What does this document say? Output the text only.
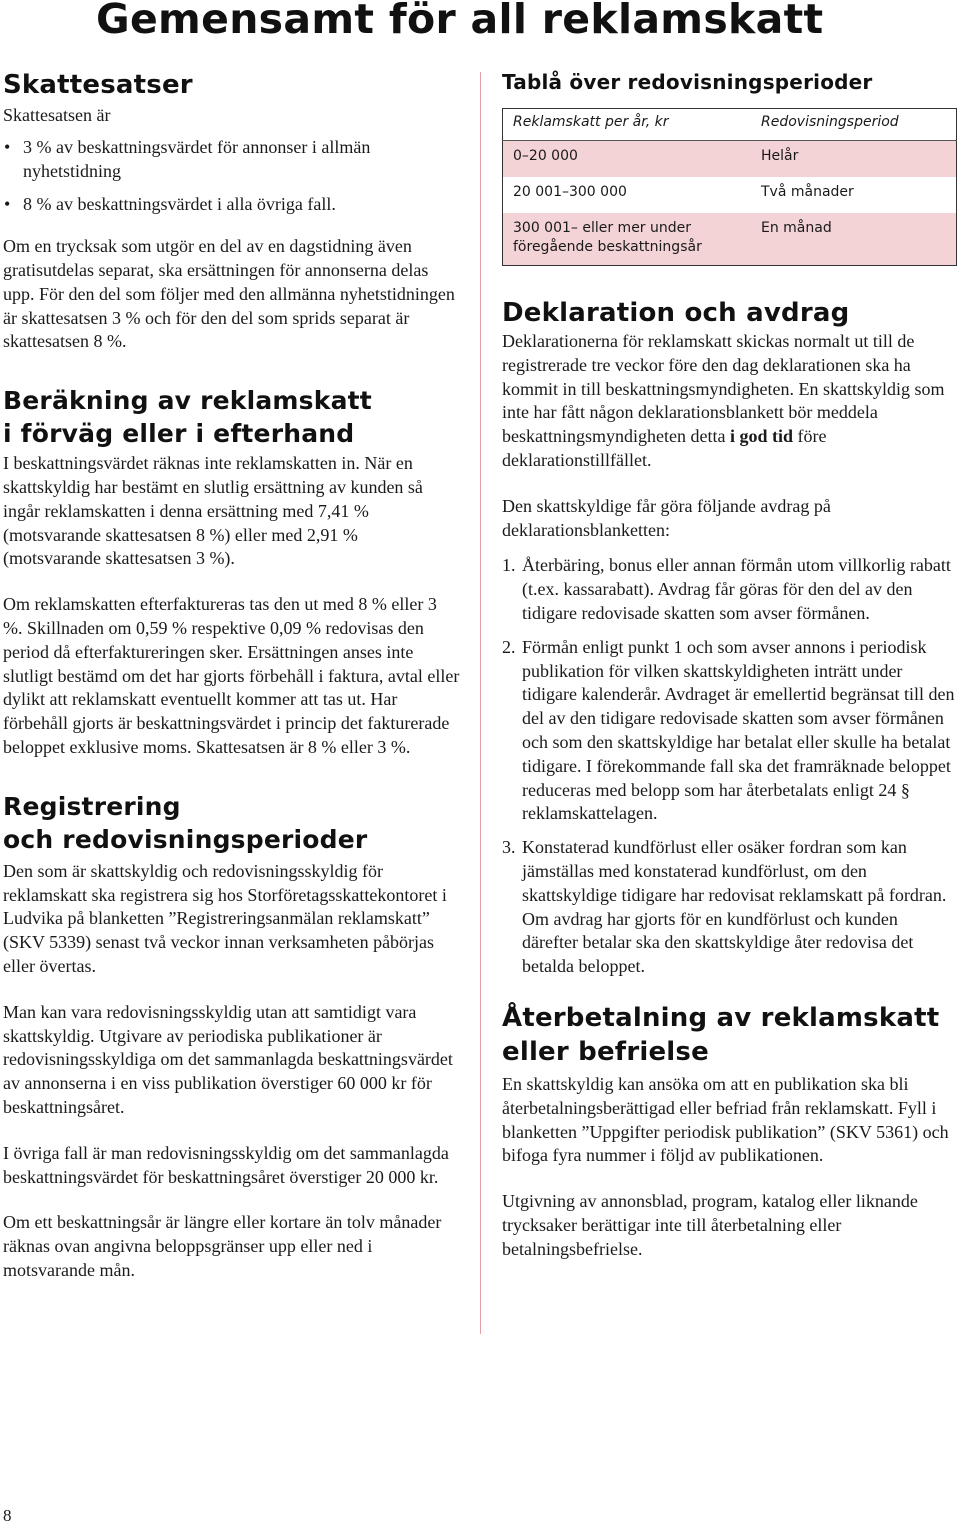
Gemensamt för all reklamskatt
Skattesatser

Skattesatsen är

• 3 % av beskattningsvärdet för annonser i allmän nyhetstidning
• 8 % av beskattningsvärdet i alla övriga fall.

Om en trycksak som utgör en del av en dagstidning även gratisutdelas separat, ska ersättningen för annonserna delas upp. För den del som följer med den allmänna nyhetstidningen är skattesatsen 3 % och för den del som sprids separat är skattesatsen 8 %.

Beräkning av reklamskatt
i förväg eller i efterhand

I beskattningsvärdet räknas inte reklamskatten in. När en skattskyldig har bestämt en slutlig ersättning av kunden så ingår reklamskatten i denna ersättning med 7,41 % (motsvarande skattesatsen 8 %) eller med 2,91 % (motsvarande skattesatsen 3 %).

Om reklamskatten efterfaktureras tas den ut med 8 % eller 3 %. Skillnaden om 0,59 % respektive 0,09 % redovisas den period då efterfaktureringen sker. Ersättningen anses inte slutligt bestämd om det har gjorts förbehåll i faktura, avtal eller dylikt att reklamskatt eventuellt kommer att tas ut. Har förbehåll gjorts är beskattningsvärdet i princip det fakturerade beloppet exklusive moms. Skattesatsen är 8 % eller 3 %.

Registrering
och redovisningsperioder

Den som är skattskyldig och redovisningsskyldig för reklamskatt ska registrera sig hos Storföretagsskattekontoret i Ludvika på blanketten ”Registreringsanmälan reklamskatt” (SKV 5339) senast två veckor innan verksamheten påbörjas eller övertas.

Man kan vara redovisningsskyldig utan att samtidigt vara skattskyldig. Utgivare av periodiska publikationer är redovisningsskyldiga om det sammanlagda beskattningsvärdet av annonserna i en viss publikation överstiger 60 000 kr för beskattningsåret.

I övriga fall är man redovisningsskyldig om det sammanlagda beskattningsvärdet för beskattningsåret överstiger 20 000 kr.

Om ett beskattningsår är längre eller kortare än tolv månader räknas ovan angivna beloppsgränser upp eller ned i motsvarande mån.

Tablå över redovisningsperioder
Reklamskatt per år, kr	Redovisningsperiod
0–20 000	Helår
20 001–300 000	Två månader
300 001– eller mer under föregående beskattningsår	En månad
Deklaration och avdrag

Deklarationerna för reklamskatt skickas normalt ut till de registrerade tre veckor före den dag deklarationen ska ha kommit in till beskattningsmyndigheten. En skattskyldig som inte har fått någon deklarationsblankett bör meddela beskattningsmyndigheten detta i god tid före deklarationstillfället.

Den skattskyldige får göra följande avdrag på deklarationsblanketten:

1. Återbäring, bonus eller annan förmån utom villkorlig rabatt (t.ex. kassarabatt). Avdrag får göras för den del av den tidigare redovisade skatten som avser förmånen.
2. Förmån enligt punkt 1 och som avser annons i periodisk publikation för vilken skattskyldigheten inträtt under tidigare kalenderår. Avdraget är emellertid begränsat till den del av den tidigare redovisade skatten som avser förmånen och som den skattskyldige har betalat eller skulle ha betalat tidigare. I förekommande fall ska det framräknade beloppet reduceras med belopp som har återbetalats enligt 24 § reklamskattelagen.
3. Konstaterad kundförlust eller osäker fordran som kan jämställas med konstaterad kundförlust, om den skattskyldige tidigare har redovisat reklamskatt på fordran. Om avdrag har gjorts för en kundförlust och kunden därefter betalar ska den skattskyldige åter redovisa det betalda beloppet.
Återbetalning av reklamskatt
eller befrielse

En skattskyldig kan ansöka om att en publikation ska bli återbetalningsberättigad eller befriad från reklamskatt. Fyll i blanketten ”Uppgifter periodisk publikation” (SKV 5361) och bifoga fyra nummer i följd av publikationen.

Utgivning av annonsblad, program, katalog eller liknande trycksaker berättigar inte till återbetalning eller betalningsbefrielse.

8
